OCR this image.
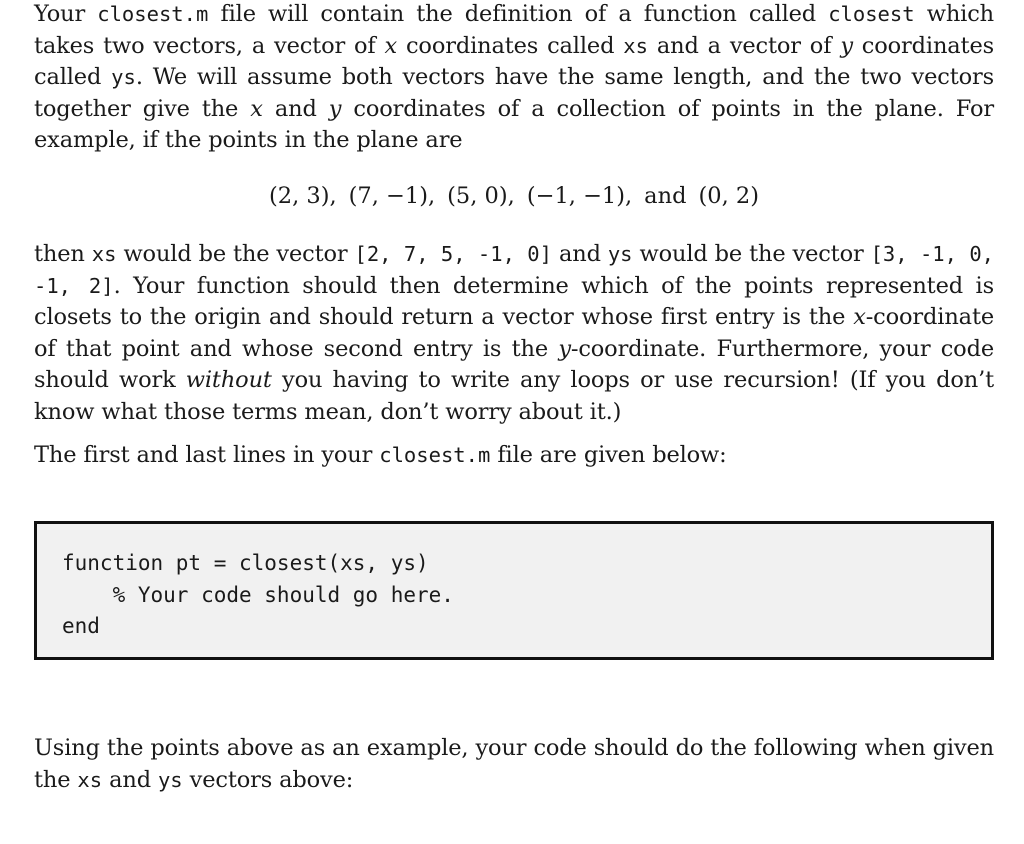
Your closest.m file will contain the definition of a function called closest which takes two vectors, a vector of x coordinates called xs and a vector of y coordinates called ys. We will assume both vectors have the same length, and the two vectors together give the x and y coordinates of a collection of points in the plane. For example, if the points in the plane are

(2, 3), (7, −1), (5, 0), (−1, −1), and (0, 2)

then xs would be the vector [2, 7, 5, -1, 0] and ys would be the vector [3, -1, 0, -1, 2]. Your function should then determine which of the points represented is closets to the origin and should return a vector whose first entry is the x-coordinate of that point and whose second entry is the y-coordinate. Furthermore, your code should work without you having to write any loops or use recursion! (If you don’t know what those terms mean, don’t worry about it.)

The first and last lines in your closest.m file are given below:

function pt = closest(xs, ys)
% Your code should go here.
end

Using the points above as an example, your code should do the following when given the xs and ys vectors above:
